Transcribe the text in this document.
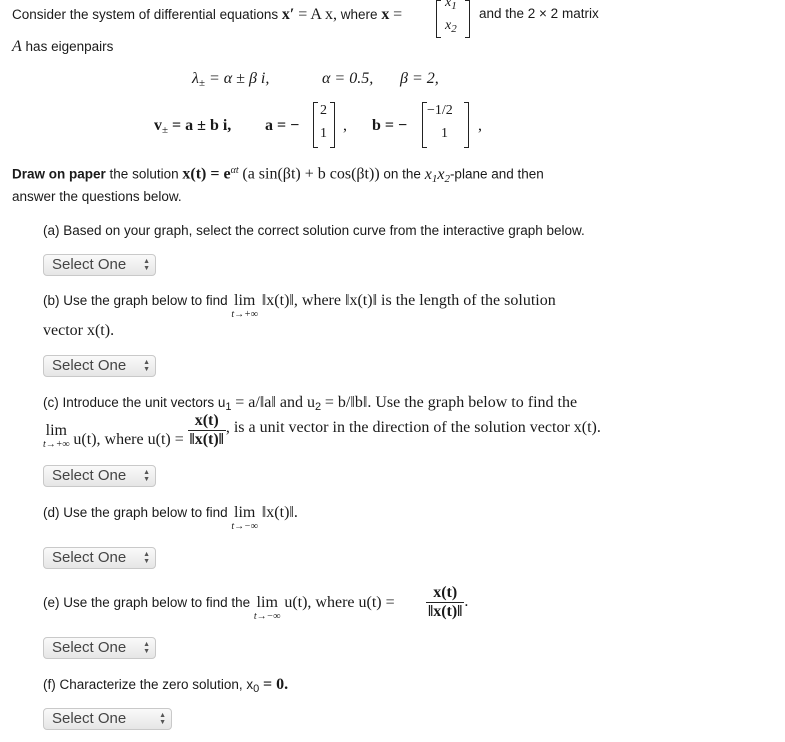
Consider the system of differential equations x′ = A x, where x =
$x_1$
$x_2$
and the 2 × 2 matrix
A has eigenpairs
$\lambda_\pm = \alpha \pm \beta$ i,	α = 0.5, β = 2,
$v_\pm = a \pm b$ i, a = −
2
1 , b = −
−1/2
1 ,
Draw on paper the solution $x(t) = e^{\alpha t}$ (a sin(βt) + b cos(βt)) on the $x_1x_2$-plane and then
answer the questions below.
(a) Based on your graph, select the correct solution curve from the interactive graph below.
Select One ▲
▼
(b) Use the graph below to find lim
t→+∞
‖x(t)‖, where ‖x(t)‖ is the length of the solution
vector x(t).
Select One ▲
▼
(c) Introduce the unit vectors $u_1$ = a/‖a‖ and $u_2$ = b/‖b‖. Use the graph below to find the
lim
t→+∞ u(t), where $u(t) = \frac{x(t)}{‖x(t)‖}$ , is a unit vector in the direction of the solution vector x(t).
Select One ▲
▼
(d) Use the graph below to find lim
t→−∞
‖x(t)‖.
Select One ▲
▼
(e) Use the graph below to find the lim
t→−∞
u(t), where $u(t) = \frac{x(t)}{‖x(t)‖}$ .
Select One ▲
▼
(f) Characterize the zero solution, $x_0 = 0$.
Select One	▲
▼
